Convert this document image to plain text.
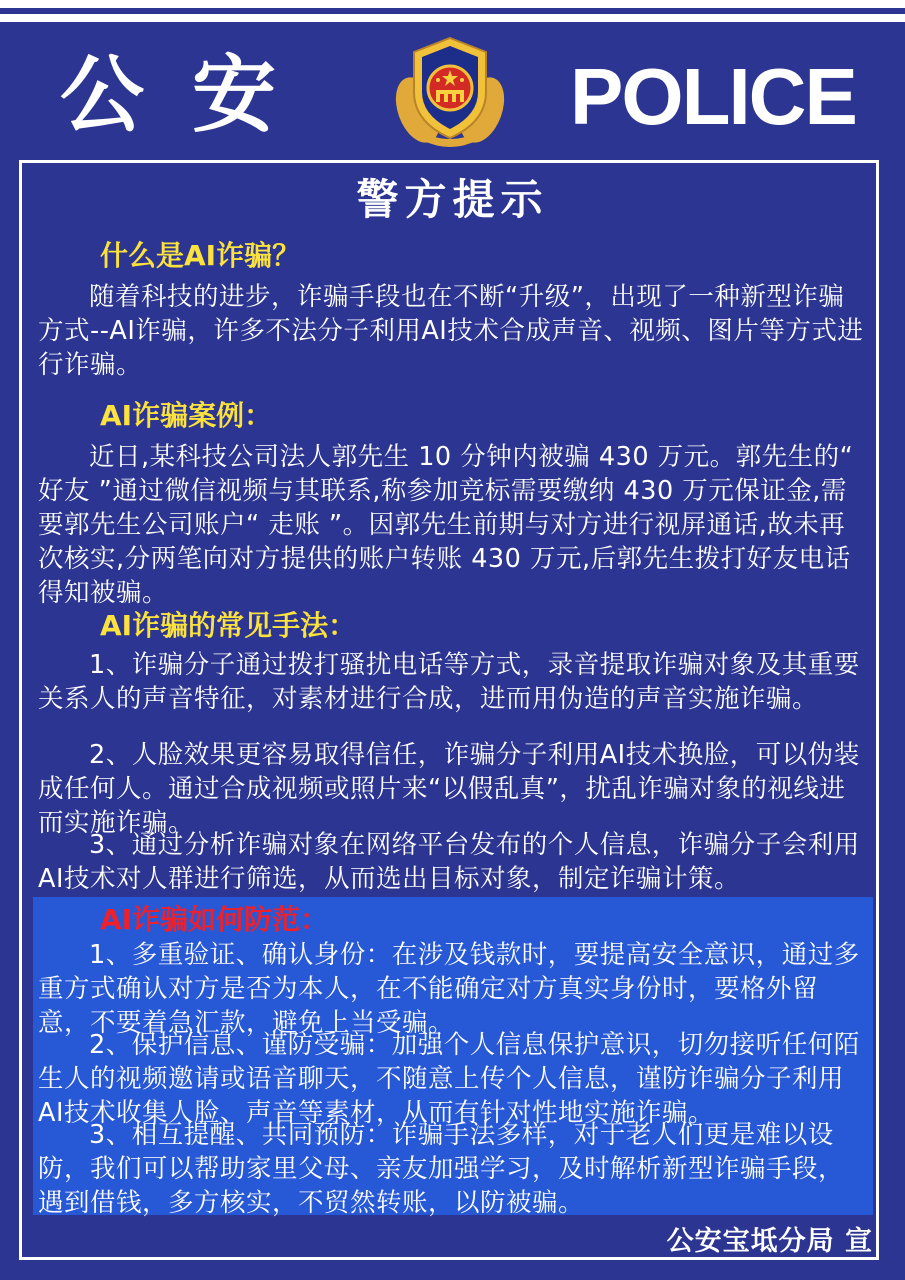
公安	POLICE
警方提示
什么是AI诈骗？
随着科技的进步，诈骗手段也在不断“升级”，出现了一种新型诈骗方式--AI诈骗，许多不法分子利用AI技术合成声音、视频、图片等方式进行诈骗。
AI诈骗案例：
近日,某科技公司法人郭先生 10 分钟内被骗 430 万元。郭先生的“ 好友 ”通过微信视频与其联系,称参加竞标需要缴纳 430 万元保证金,需要郭先生公司账户“ 走账 ”。因郭先生前期与对方进行视屏通话,故未再次核实,分两笔向对方提供的账户转账 430 万元,后郭先生拨打好友电话得知被骗。
AI诈骗的常见手法：
1、诈骗分子通过拨打骚扰电话等方式，录音提取诈骗对象及其重要关系人的声音特征，对素材进行合成，进而用伪造的声音实施诈骗。
2、人脸效果更容易取得信任，诈骗分子利用AI技术换脸，可以伪装成任何人。通过合成视频或照片来“以假乱真”，扰乱诈骗对象的视线进而实施诈骗。
3、通过分析诈骗对象在网络平台发布的个人信息，诈骗分子会利用AI技术对人群进行筛选，从而选出目标对象，制定诈骗计策。
AI诈骗如何防范：
1、多重验证、确认身份：在涉及钱款时，要提高安全意识，通过多重方式确认对方是否为本人，在不能确定对方真实身份时，要格外留意，不要着急汇款，避免上当受骗。
2、保护信息、谨防受骗：加强个人信息保护意识，切勿接听任何陌生人的视频邀请或语音聊天，不随意上传个人信息，谨防诈骗分子利用AI技术收集人脸、声音等素材，从而有针对性地实施诈骗。
3、相互提醒、共同预防：诈骗手法多样，对于老人们更是难以设防，我们可以帮助家里父母、亲友加强学习，及时解析新型诈骗手段，遇到借钱，多方核实，不贸然转账，以防被骗。
公安宝坻分局 宣
